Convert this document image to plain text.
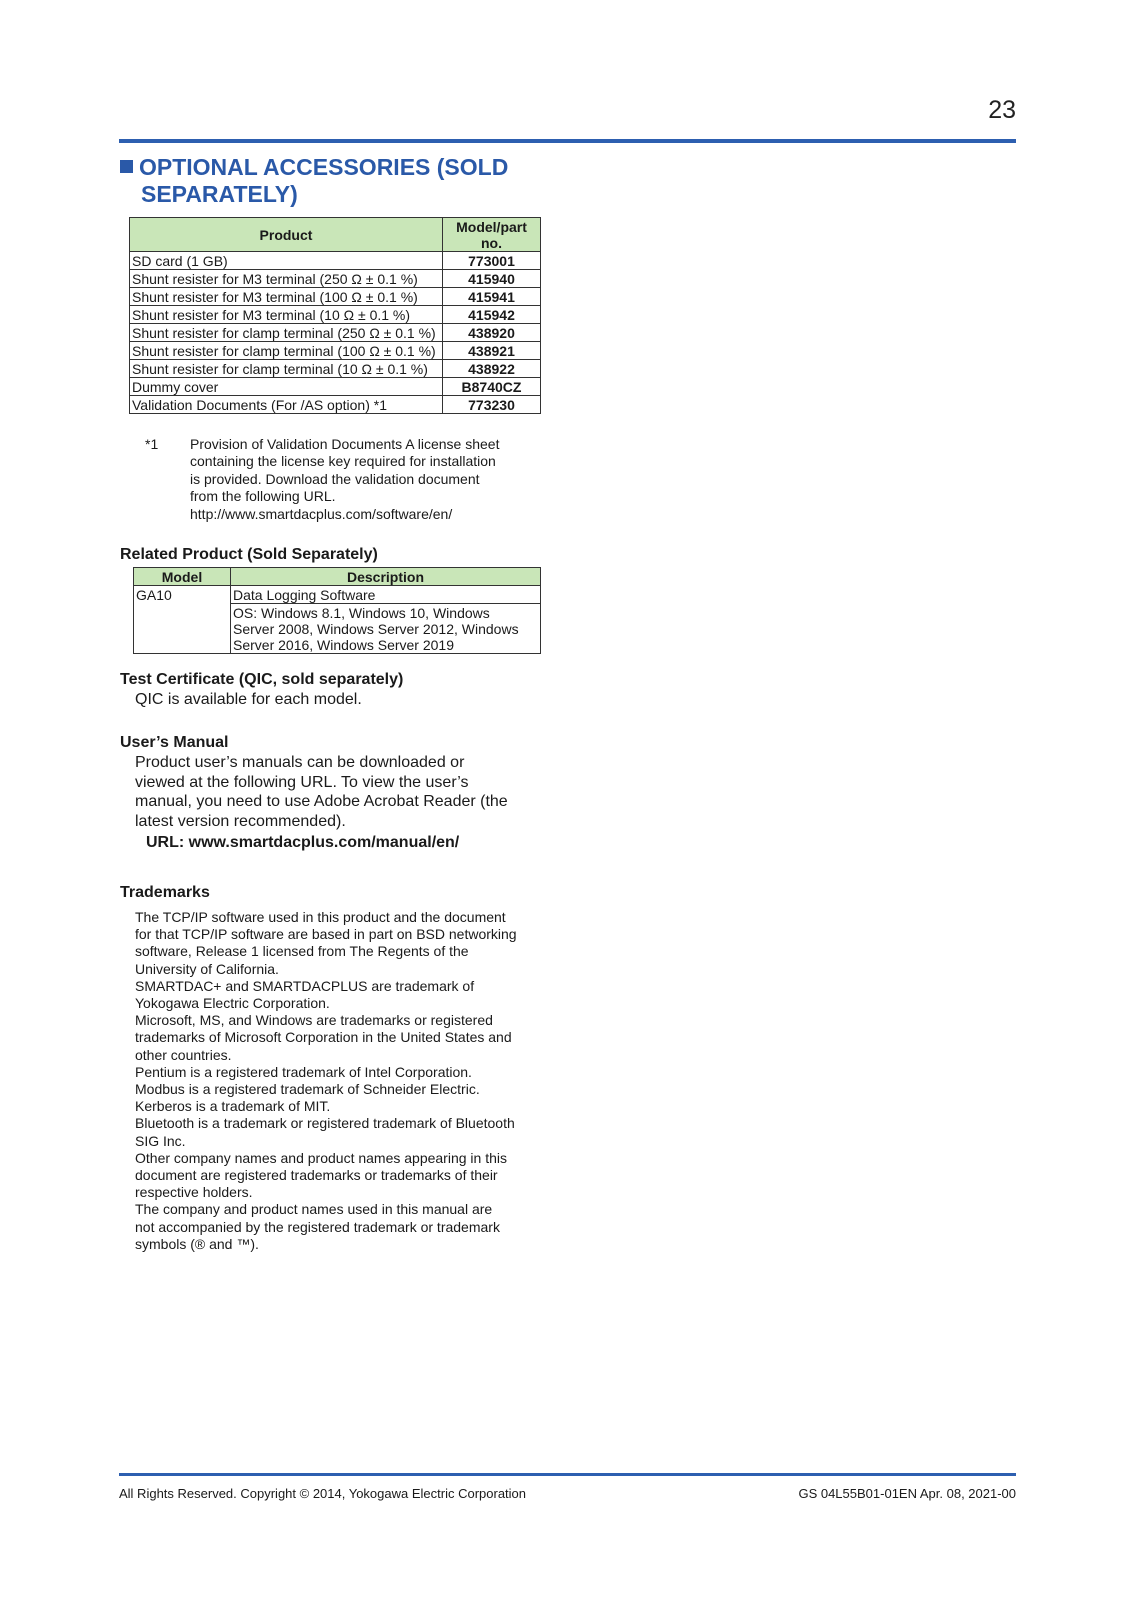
23
OPTIONAL ACCESSORIES (SOLD
SEPARATELY)
Product	Model/part no.
SD card (1 GB)	773001
Shunt resister for M3 terminal (250 Ω ± 0.1 %)	415940
Shunt resister for M3 terminal (100 Ω ± 0.1 %)	415941
Shunt resister for M3 terminal (10 Ω ± 0.1 %)	415942
Shunt resister for clamp terminal (250 Ω ± 0.1 %)	438920
Shunt resister for clamp terminal (100 Ω ± 0.1 %)	438921
Shunt resister for clamp terminal (10 Ω ± 0.1 %)	438922
Dummy cover	B8740CZ
Validation Documents (For /AS option) *1	773230
*1 Provision of Validation Documents A license sheet
containing the license key required for installation
is provided. Download the validation document
from the following URL.
http://www.smartdacplus.com/software/en/
Related Product (Sold Separately)
Model	Description
GA10	Data Logging Software

	OS: Windows 8.1, Windows 10, Windows
Server 2008, Windows Server 2012, Windows
Server 2016, Windows Server 2019
Test Certificate (QIC, sold separately)
QIC is available for each model.
User’s Manual
Product user’s manuals can be downloaded or
viewed at the following URL. To view the user’s
manual, you need to use Adobe Acrobat Reader (the
latest version recommended).
URL: www.smartdacplus.com/manual/en/
Trademarks
The TCP/IP software used in this product and the document
for that TCP/IP software are based in part on BSD networking
software, Release 1 licensed from The Regents of the
University of California.
SMARTDAC+ and SMARTDACPLUS are trademark of
Yokogawa Electric Corporation.
Microsoft, MS, and Windows are trademarks or registered
trademarks of Microsoft Corporation in the United States and
other countries.
Pentium is a registered trademark of Intel Corporation.
Modbus is a registered trademark of Schneider Electric.
Kerberos is a trademark of MIT.
Bluetooth is a trademark or registered trademark of Bluetooth
SIG Inc.
Other company names and product names appearing in this
document are registered trademarks or trademarks of their
respective holders.
The company and product names used in this manual are
not accompanied by the registered trademark or trademark
symbols (® and ™).
All Rights Reserved. Copyright © 2014, Yokogawa Electric Corporation	GS 04L55B01-01EN Apr. 08, 2021-00
